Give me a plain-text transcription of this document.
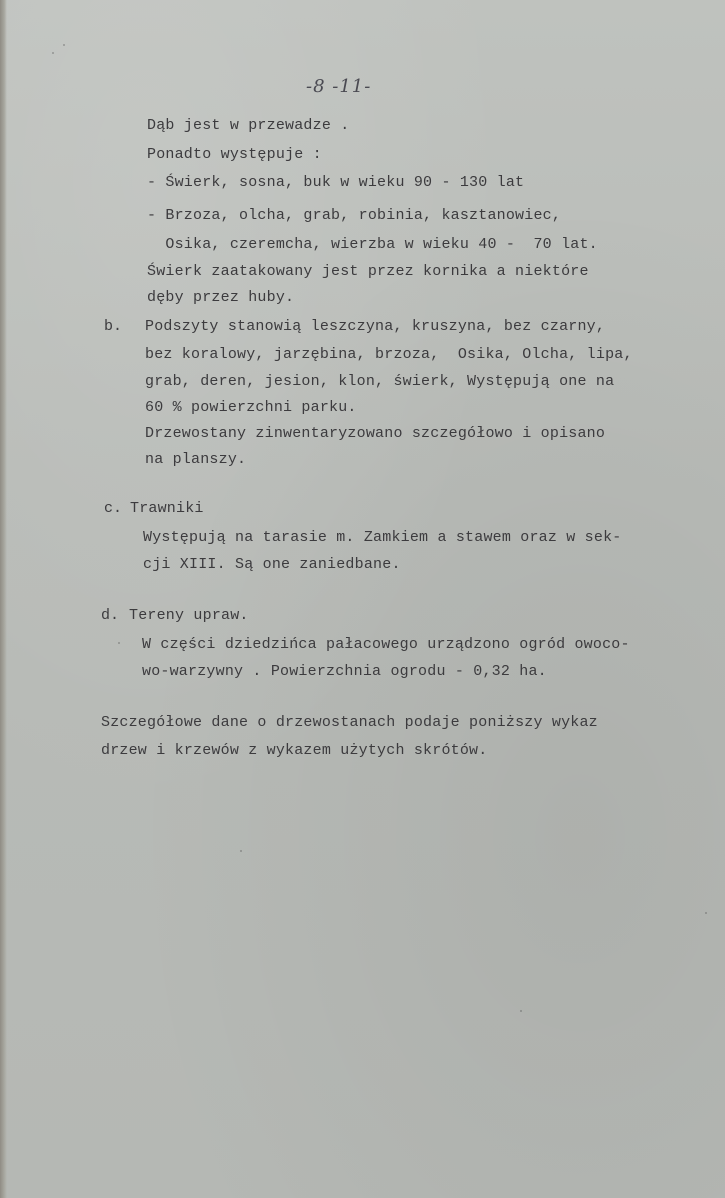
-8 -11-
Dąb jest w przewadze .
Ponadto występuje :
- Świerk, sosna, buk w wieku 90 - 130 lat
- Brzoza, olcha, grab, robinia, kasztanowiec,
Osika, czeremcha, wierzba w wieku 40 -  70 lat.
Świerk zaatakowany jest przez kornika a niektóre
dęby przez huby.
b. Podszyty stanowią leszczyna, kruszyna, bez czarny,
bez koralowy, jarzębina, brzoza,  Osika, Olcha, lipa,
grab, deren, jesion, klon, świerk, Występują one na
60 % powierzchni parku.
Drzewostany zinwentaryzowano szczegółowo i opisano
na planszy.
c. Trawniki
Występują na tarasie m. Zamkiem a stawem oraz w sek-
cji XIII. Są one zaniedbane.
d. Tereny upraw.
W części dziedzińca pałacowego urządzono ogród owoco-
wo-warzywny . Powierzchnia ogrodu - 0,32 ha.
Szczegółowe dane o drzewostanach podaje poniższy wykaz
drzew i krzewów z wykazem użytych skrótów.
